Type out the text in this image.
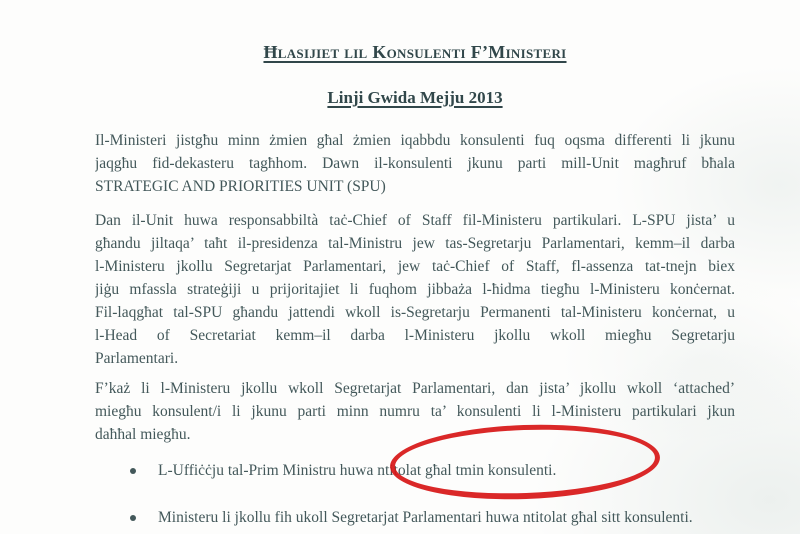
Ħlasijiet lil Konsulenti F’Ministeri
Linji Gwida Mejju 2013
Il-Ministeri jistgħu minn żmien għal żmien iqabbdu konsulenti fuq oqsma differenti li jkunu
jaqgħu fid-dekasteru tagħhom. Dawn il-konsulenti jkunu parti mill-Unit magħruf bħala
STRATEGIC AND PRIORITIES UNIT (SPU)
Dan il-Unit huwa responsabbiltà taċ-Chief of Staff fil-Ministeru partikulari. L-SPU jista’ u
għandu jiltaqa’ taħt il-presidenza tal-Ministru jew tas-Segretarju Parlamentari, kemm–il darba
l-Ministeru jkollu Segretarjat Parlamentari, jew taċ-Chief of Staff, fl-assenza tat-tnejn biex
jiġu mfassla strateġiji u prijoritajiet li fuqhom jibbaża l-ħidma tiegħu l-Ministeru konċernat.
Fil-laqgħat tal-SPU għandu jattendi wkoll is-Segretarju Permanenti tal-Ministeru konċernat, u
l-Head of Secretariat kemm–il darba l-Ministeru jkollu wkoll miegħu Segretarju
Parlamentari.
F’każ li l-Ministeru jkollu wkoll Segretarjat Parlamentari, dan jista’ jkollu wkoll ‘attached’
miegħu konsulent/i li jkunu parti minn numru ta’ konsulenti li l-Ministeru partikulari jkun
daħħal miegħu.
L-Uffiċċju tal-Prim Ministru huwa ntitolat għal tmin konsulenti.
Ministeru li jkollu fih ukoll Segretarjat Parlamentari huwa ntitolat għal sitt konsulenti.
